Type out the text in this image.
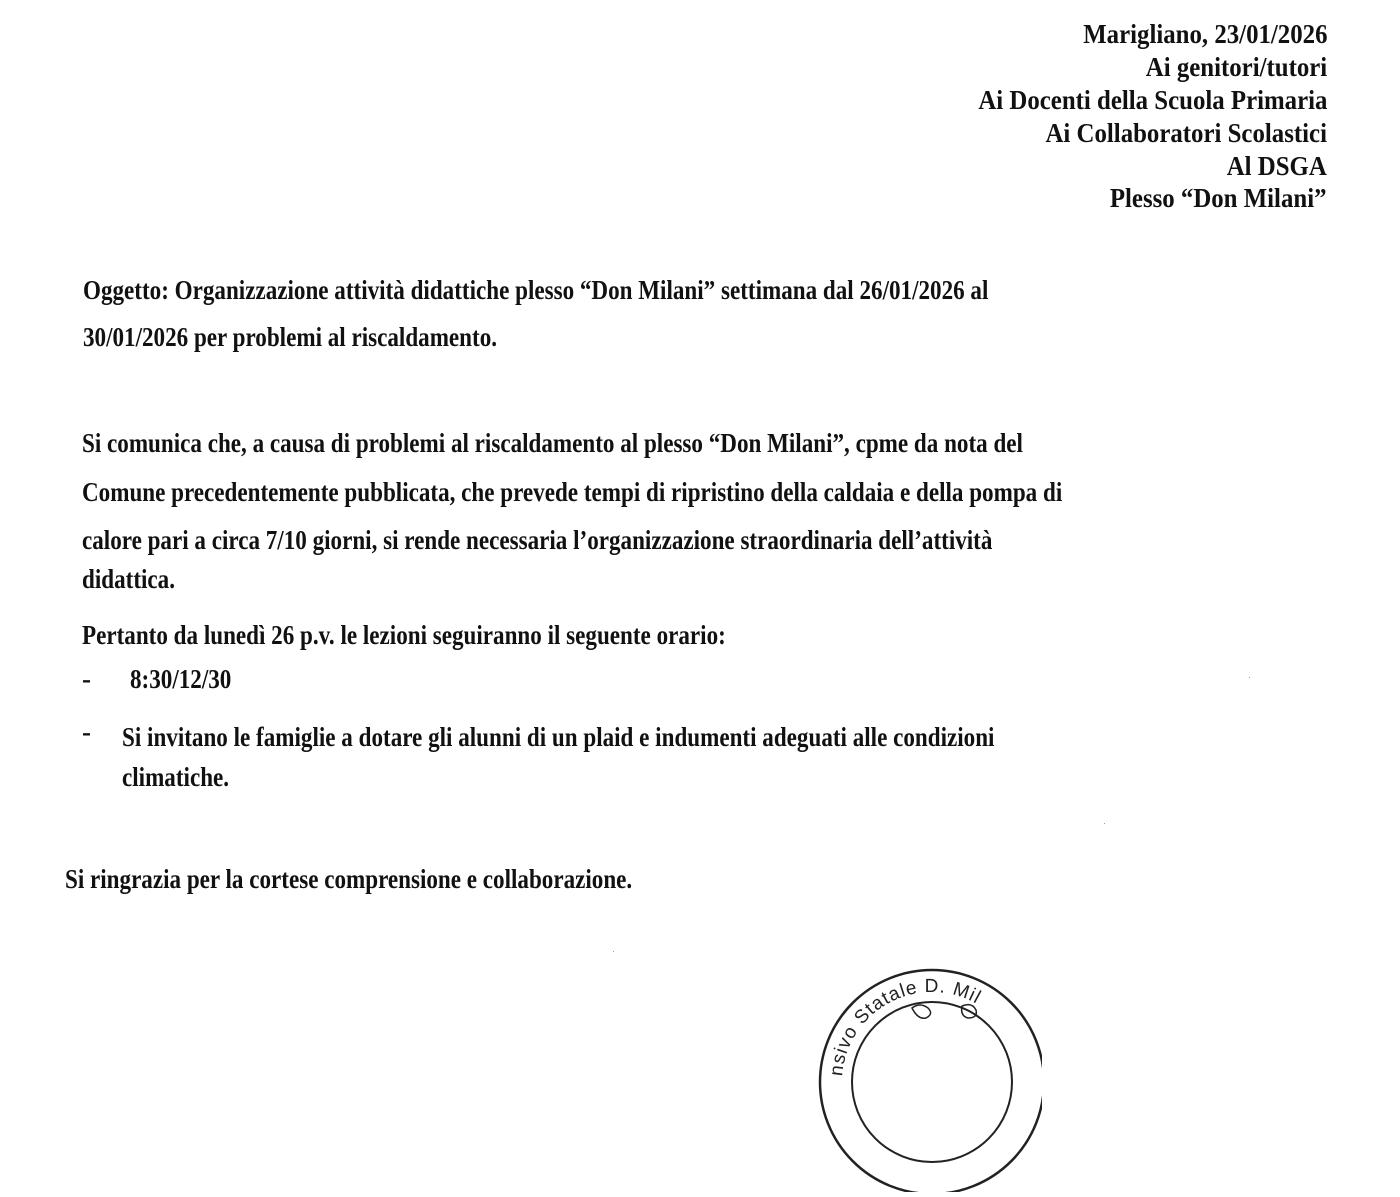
Marigliano, 23/01/2026
Ai genitori/tutori
Ai Docenti della Scuola Primaria
Ai Collaboratori Scolastici
Al DSGA
Plesso “Don Milani”
Oggetto: Organizzazione attività didattiche plesso “Don Milani” settimana dal 26/01/2026 al
30/01/2026 per problemi al riscaldamento.
Si comunica che, a causa di problemi al riscaldamento al plesso “Don Milani”, cpme da nota del
Comune precedentemente pubblicata, che prevede tempi di ripristino della caldaia e della pompa di
calore pari a circa 7/10 giorni, si rende necessaria l’organizzazione straordinaria dell’attività
didattica.
Pertanto da lunedì 26 p.v. le lezioni seguiranno il seguente orario:
- 8:30/12/30
- Si invitano le famiglie a dotare gli alunni di un plaid e indumenti adeguati alle condizioni
climatiche.
Si ringrazia per la cortese comprensione e collaborazione.
nsivo Statale D. Mil
